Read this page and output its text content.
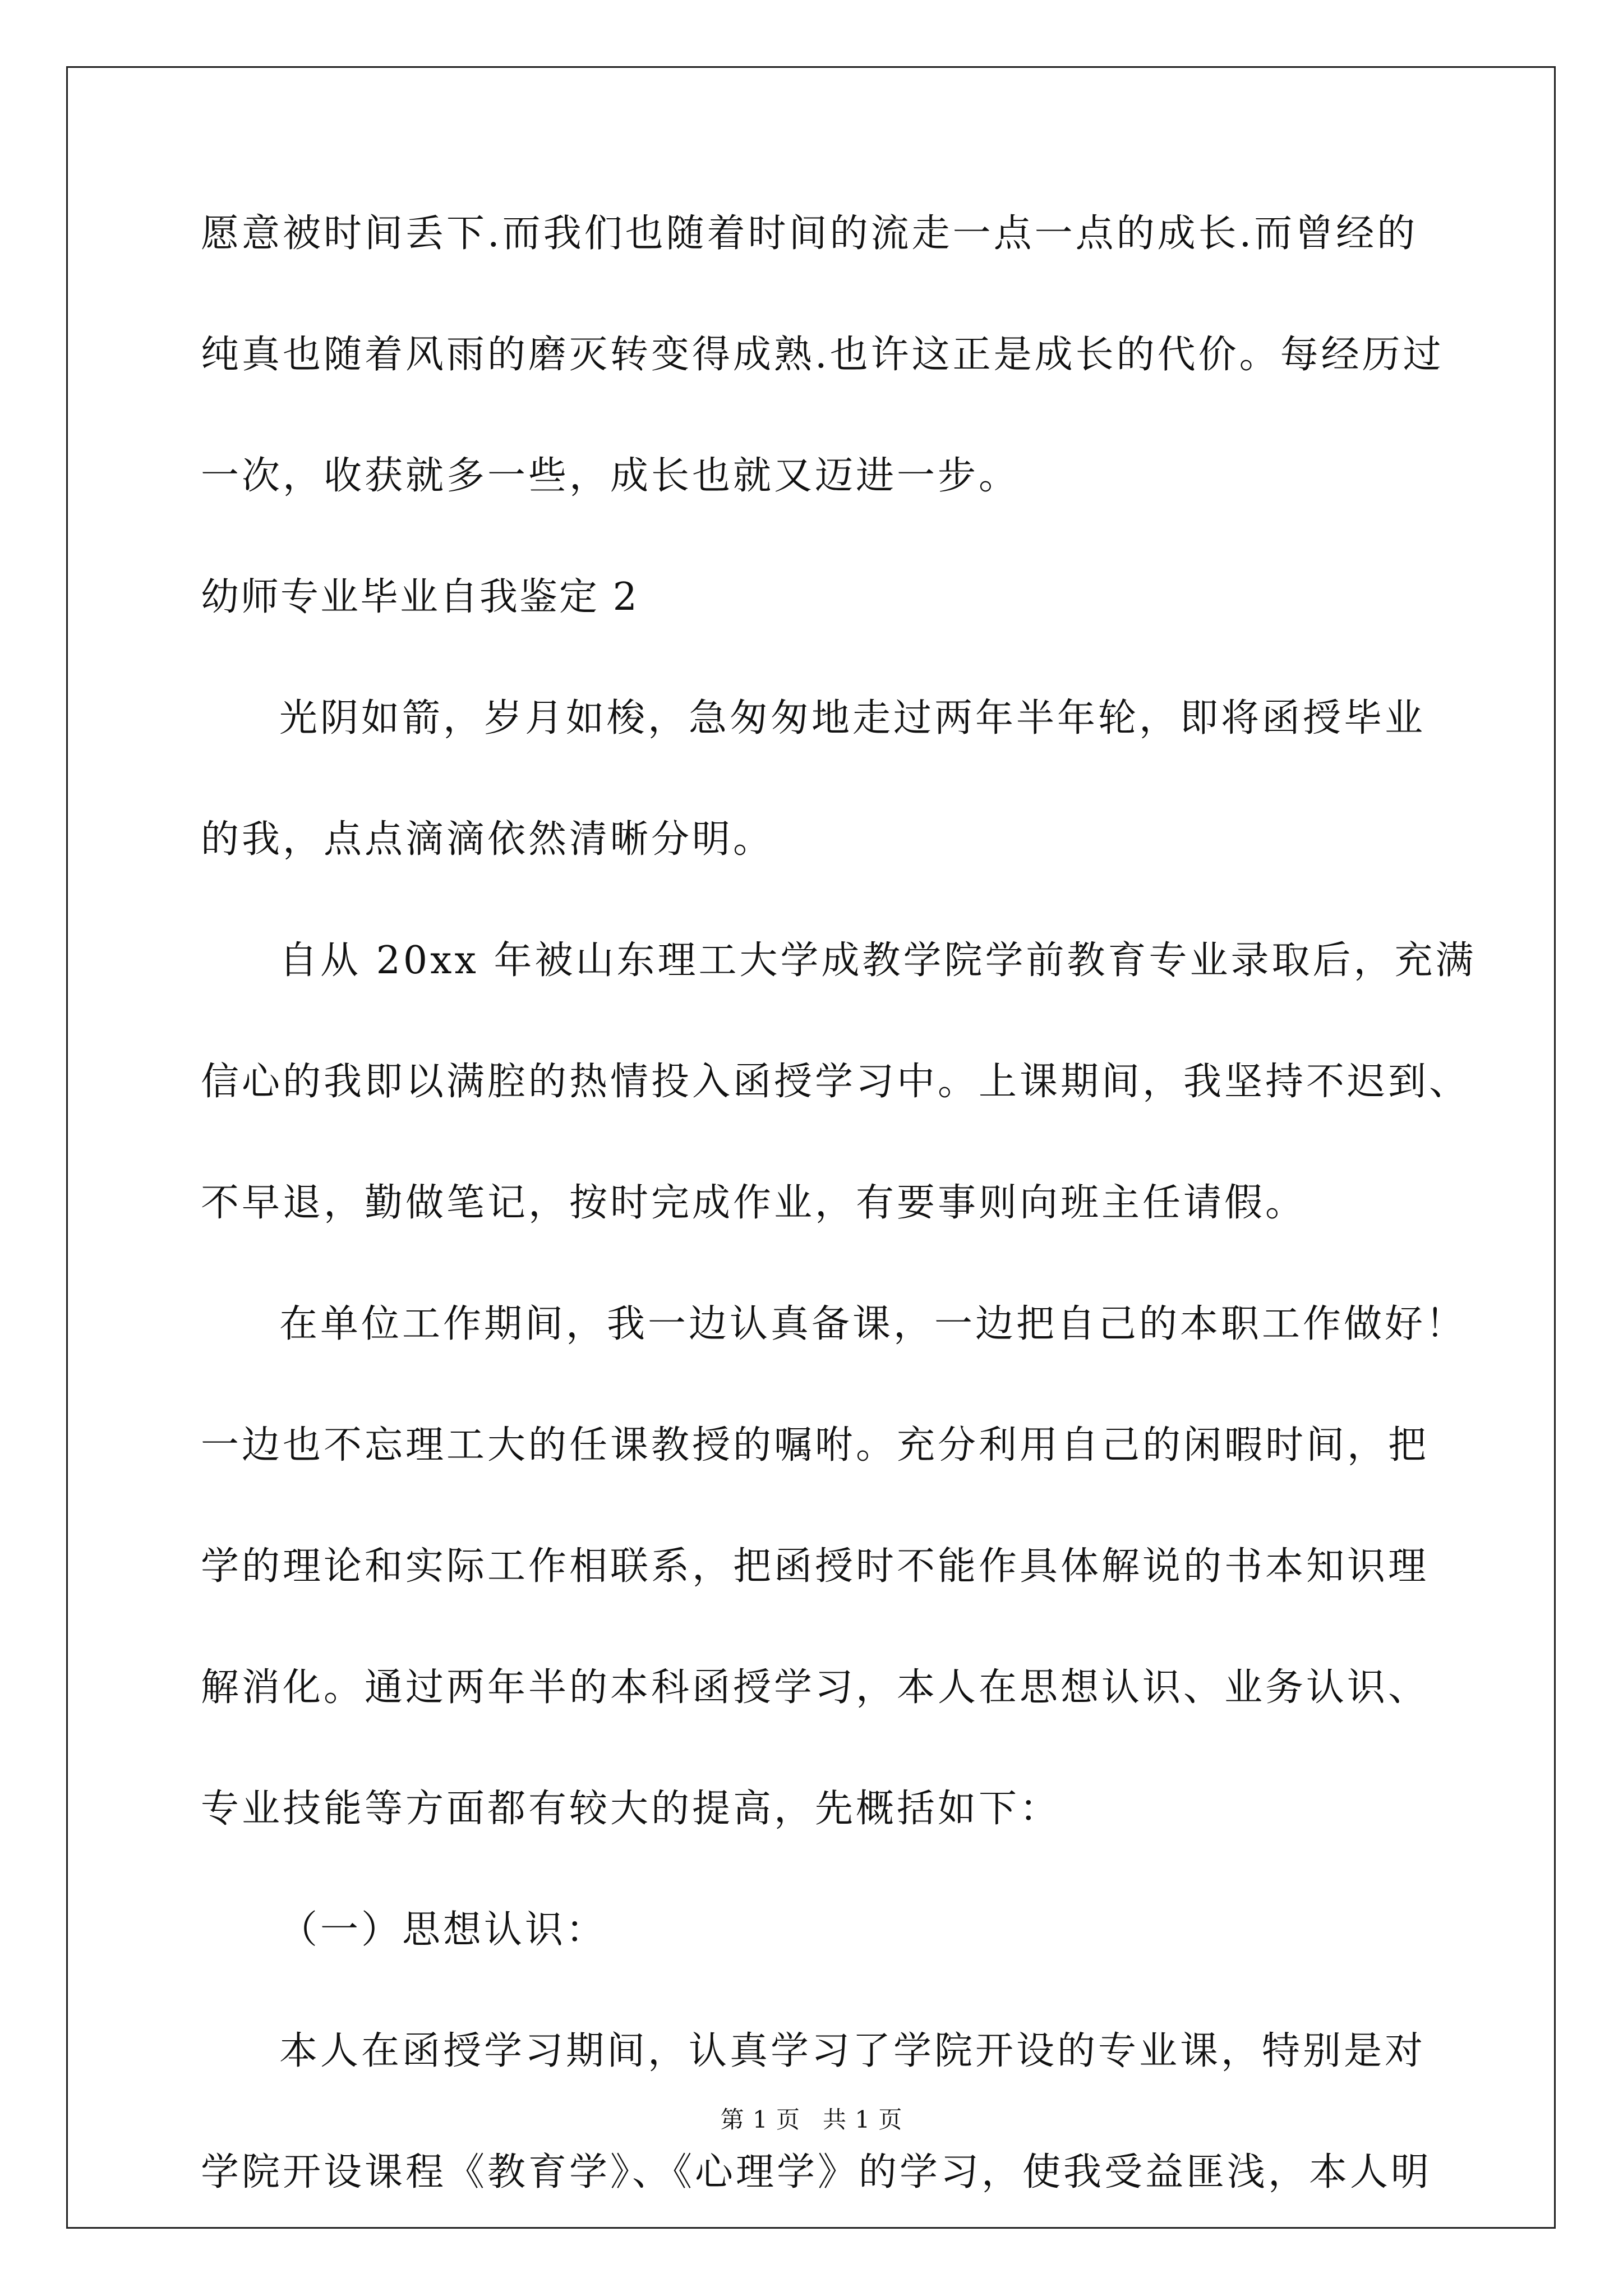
愿意被时间丢下.而我们也随着时间的流走一点一点的成长.而曾经的
纯真也随着风雨的磨灭转变得成熟.也许这正是成长的代价。每经历过
一次，收获就多一些，成长也就又迈进一步。
幼师专业毕业自我鉴定 2
光阴如箭，岁月如梭，急匆匆地走过两年半年轮，即将函授毕业
的我，点点滴滴依然清晰分明。
自从 20xx 年被山东理工大学成教学院学前教育专业录取后，充满
信心的我即以满腔的热情投入函授学习中。上课期间，我坚持不迟到、
不早退，勤做笔记，按时完成作业，有要事则向班主任请假。
在单位工作期间，我一边认真备课，一边把自己的本职工作做好！
一边也不忘理工大的任课教授的嘱咐。充分利用自己的闲暇时间，把
学的理论和实际工作相联系，把函授时不能作具体解说的书本知识理
解消化。通过两年半的本科函授学习，本人在思想认识、业务认识、
专业技能等方面都有较大的提高，先概括如下：
（一）思想认识：
本人在函授学习期间，认真学习了学院开设的专业课，特别是对
学院开设课程《教育学》、《心理学》的学习，使我受益匪浅，本人明
第 1 页 共 1 页
